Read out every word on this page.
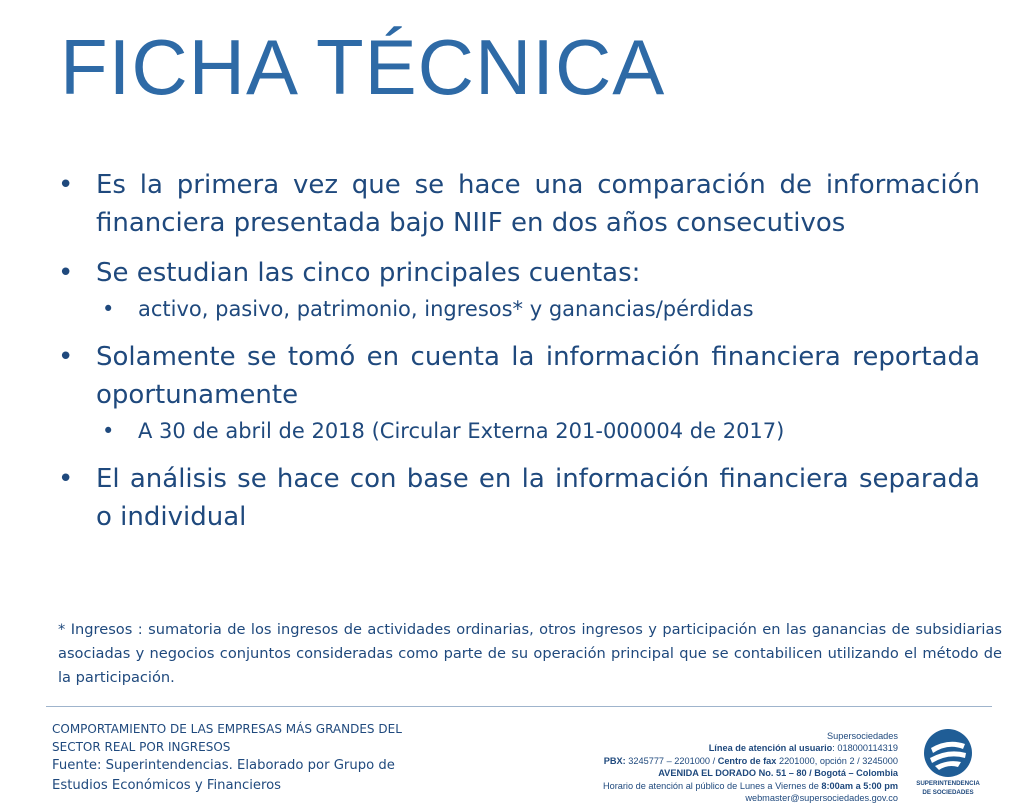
FICHA TÉCNICA

• Es la primera vez que se hace una comparación de información financiera presentada bajo NIIF en dos años consecutivos

• Se estudian las cinco principales cuentas:

• activo, pasivo, patrimonio, ingresos* y ganancias/pérdidas

• Solamente se tomó en cuenta la información financiera reportada oportunamente

• A 30 de abril de 2018 (Circular Externa 201-000004 de 2017)

• El análisis se hace con base en la información financiera separada o individual

* Ingresos : sumatoria de los ingresos de actividades ordinarias, otros ingresos y participación en las ganancias de subsidiarias asociadas y negocios conjuntos consideradas como parte de su operación principal que se contabilicen utilizando el método de la participación.

COMPORTAMIENTO DE LAS EMPRESAS MÁS GRANDES DEL
SECTOR REAL POR INGRESOS
Fuente: Superintendencias. Elaborado por Grupo de
Estudios Económicos y Financieros
Supersociedades
Línea de atención al usuario: 018000114319
PBX: 3245777 – 2201000 / Centro de fax 2201000, opción 2 / 3245000
AVENIDA EL DORADO No. 51 – 80 / Bogotá – Colombia
Horario de atención al público de Lunes a Viernes de 8:00am a 5:00 pm
webmaster@supersociedades.gov.co
SUPERINTENDENCIA
DE SOCIEDADES
